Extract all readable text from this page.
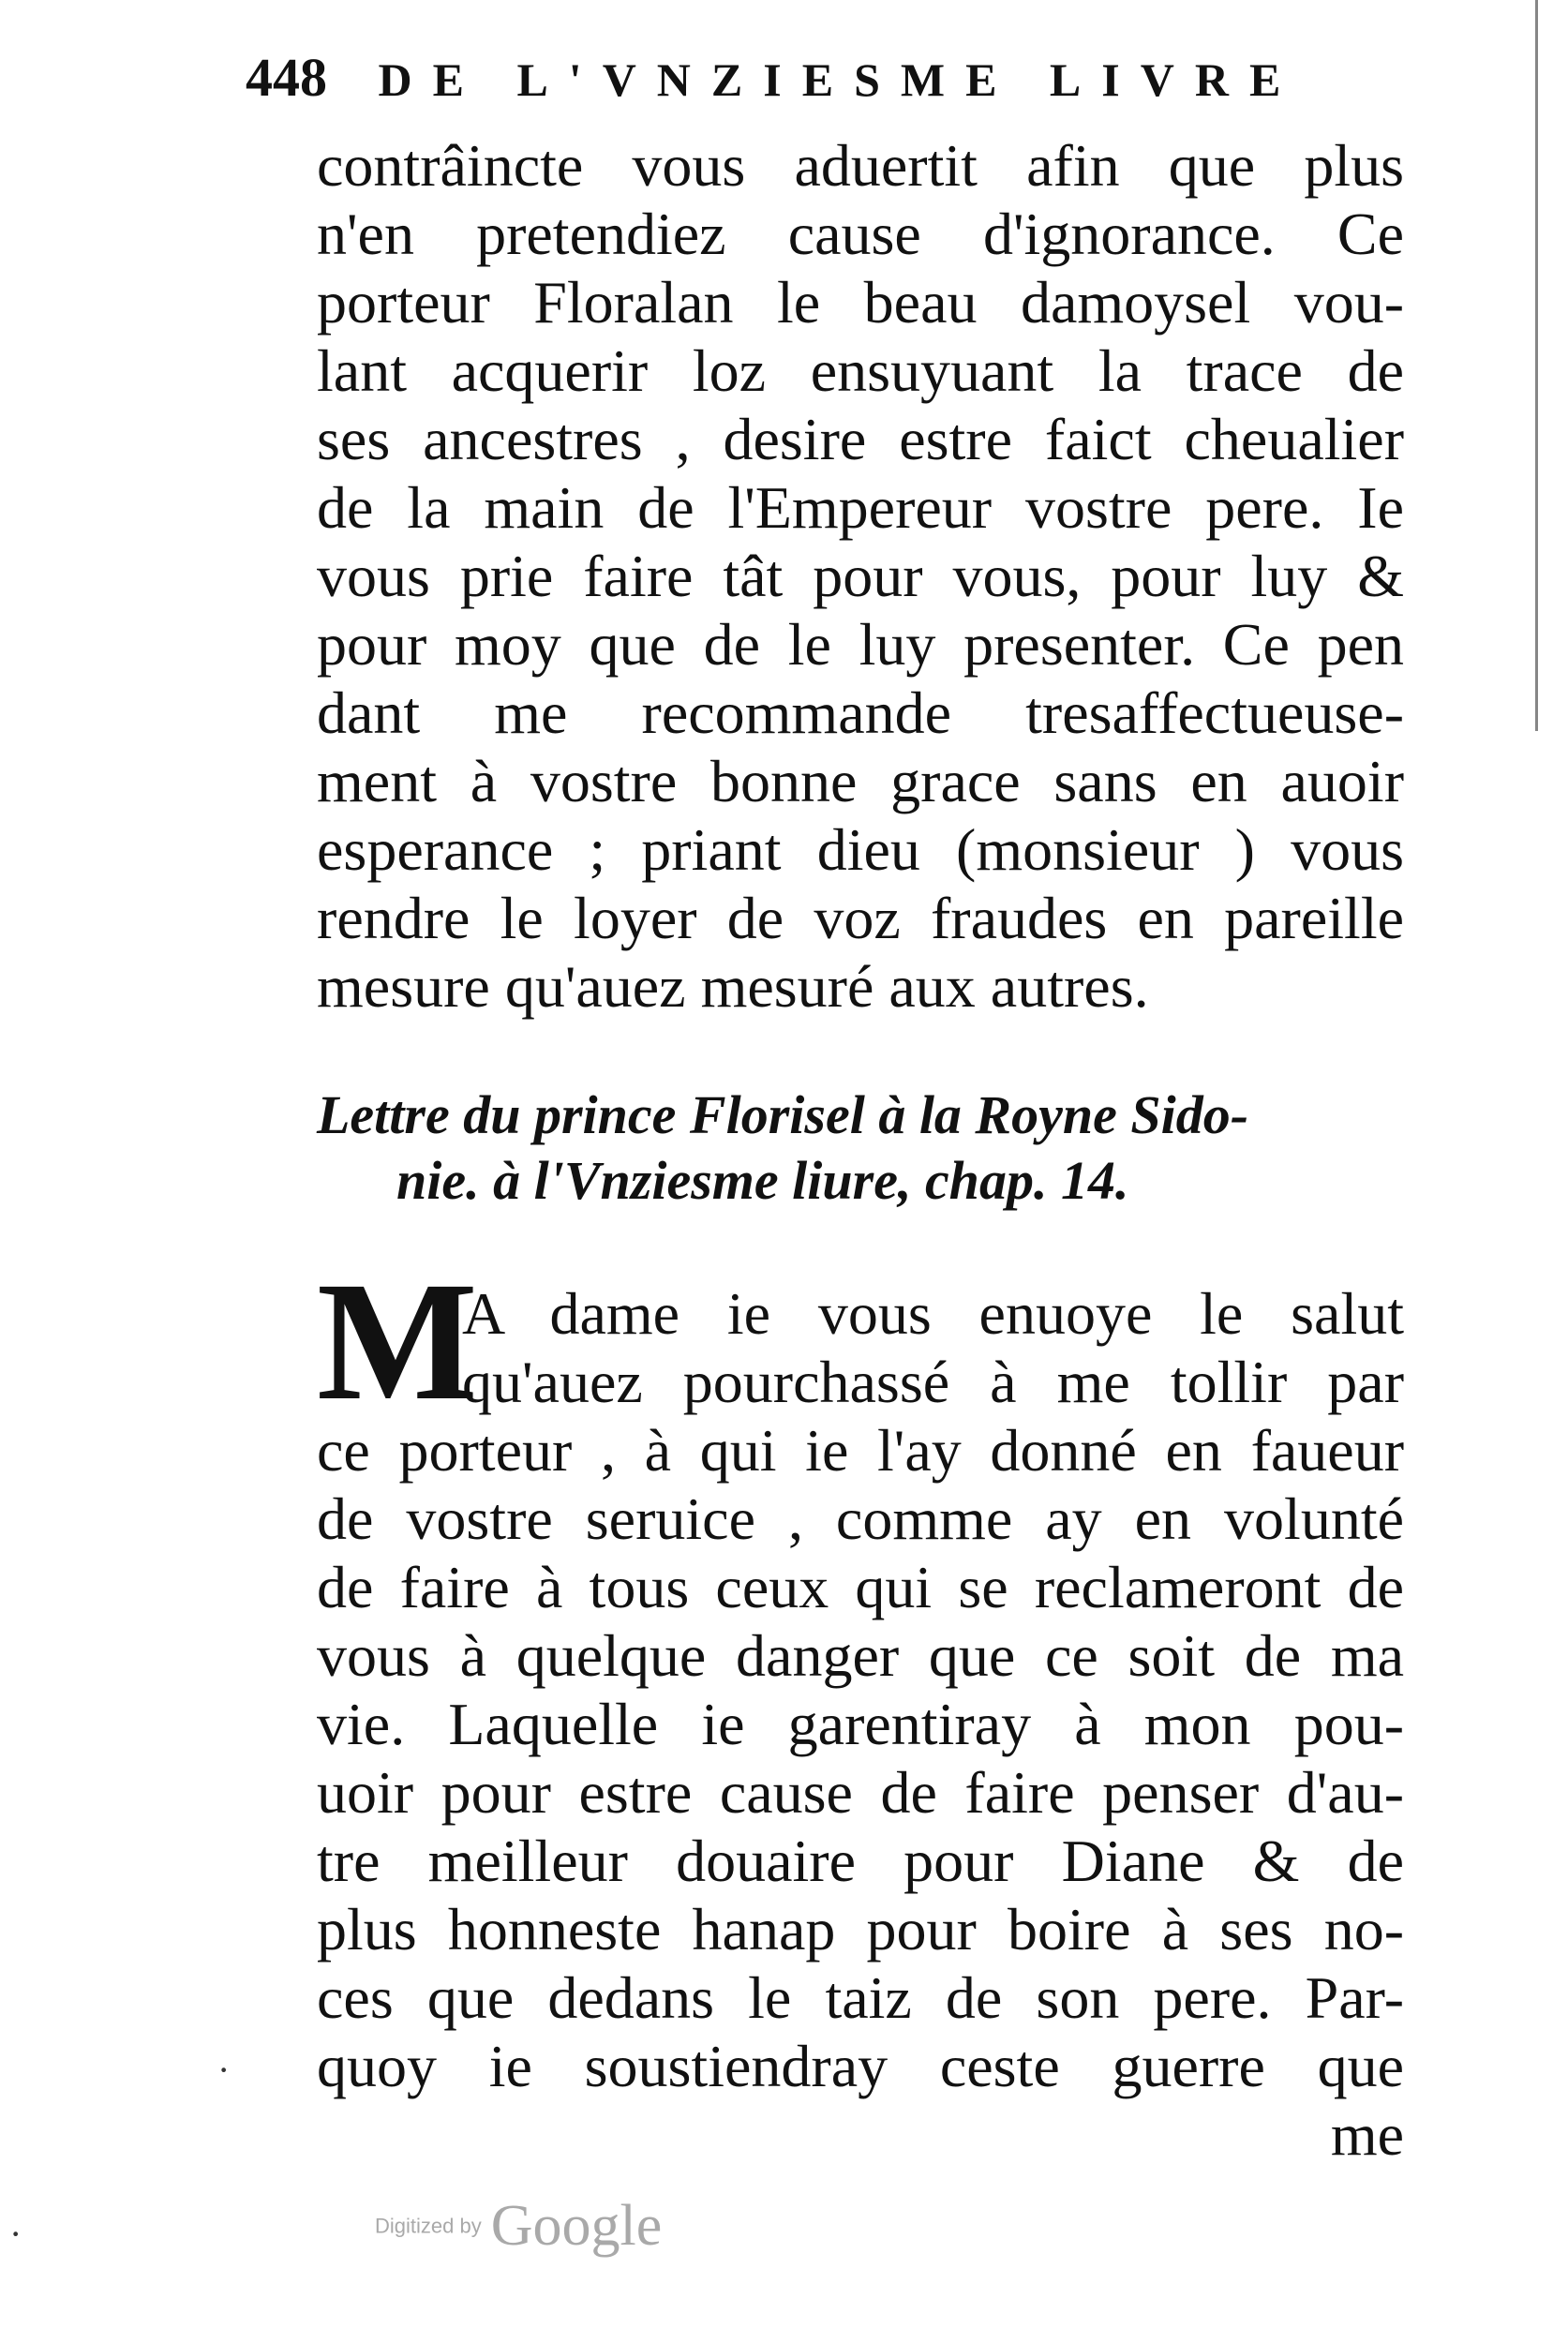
448 DE L'VNZIESME LIVRE
contrâincte vous aduertit afin que plus
n'en pretendiez cause d'ignorance. Ce
porteur Floralan le beau damoysel vou-
lant acquerir loz ensuyuant la trace de
ses ancestres , desire estre faict cheualier
de la main de l'Empereur vostre pere. Ie
vous prie faire tât pour vous, pour luy &
pour moy que de le luy presenter. Ce pen
dant me recommande tresaffectueuse-
ment à vostre bonne grace sans en auoir
esperance ; priant dieu (monsieur ) vous
rendre le loyer de voz fraudes en pareille
mesure qu'auez mesuré aux autres.
Lettre du prince Florisel à la Royne Sido-
nie. à l'Vnziesme liure, chap. 14.
M
A dame ie vous enuoye le salut
qu'auez pourchassé à me tollir par
ce porteur , à qui ie l'ay donné en faueur
de vostre seruice , comme ay en volunté
de faire à tous ceux qui se reclameront de
vous à quelque danger que ce soit de ma
vie. Laquelle ie garentiray à mon pou-
uoir pour estre cause de faire penser d'au-
tre meilleur douaire pour Diane & de
plus honneste hanap pour boire à ses no-
ces que dedans le taiz de son pere. Par-
quoy ie soustiendray ceste guerre que
me
·
·	Digitized by Google
